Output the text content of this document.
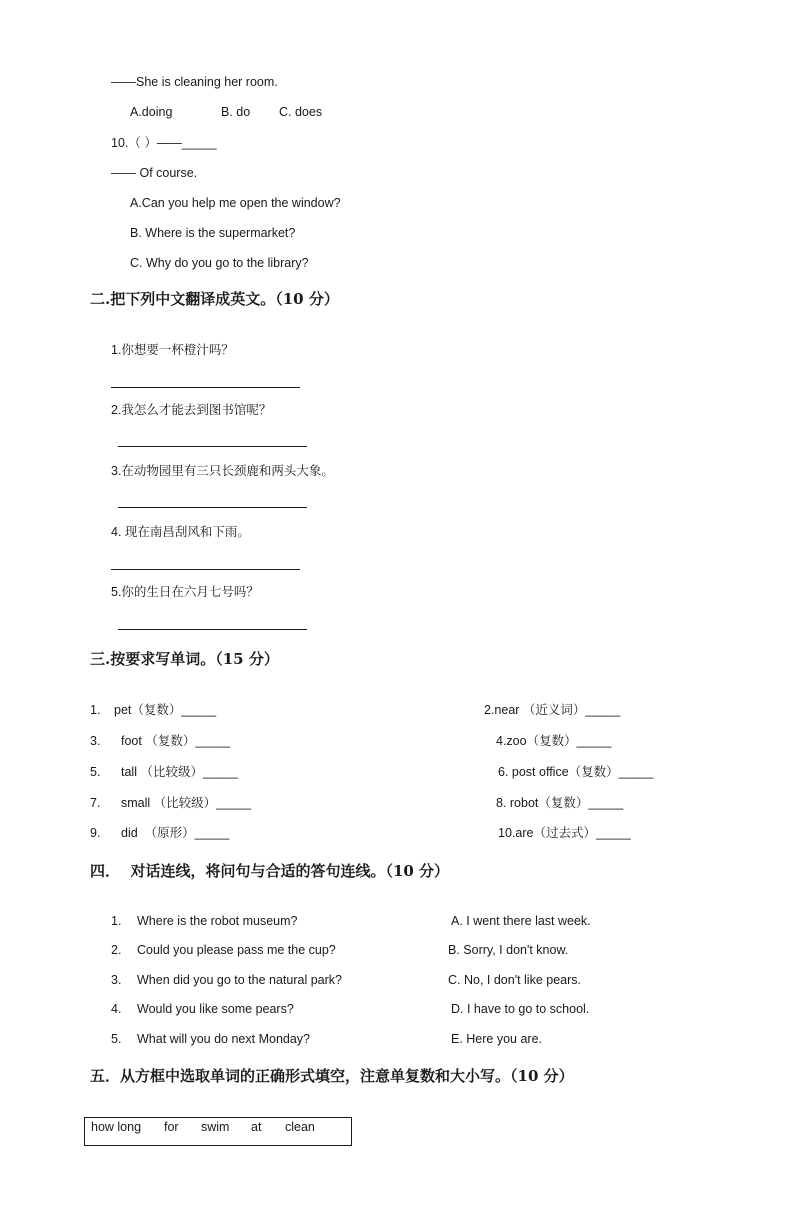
——She is cleaning her room.
A.doing	B. do C. does
10.（ ）——_____
—— Of course.
A.Can you help me open the window?
B. Where is the supermarket?
C. Why do you go to the library?
二.把下列中文翻译成英文。（10 分）
1.你想要一杯橙汁吗？
2.我怎么才能去到图书馆呢？
3.在动物园里有三只长颈鹿和两头大象。
4. 现在南昌刮风和下雨。
5.你的生日在六月七号吗？
三.按要求写单词。（15 分）
1. pet（复数）_____	2.near （近义词）_____
3. foot （复数）_____	4.zoo（复数）_____
5. tall （比较级）_____	6. post office（复数）_____
7. small （比较级）_____	8. robot（复数）_____
9. did  （原形）_____	10.are（过去式）_____
四．  对话连线，将问句与合适的答句连线。（10 分）
1. Where is the robot museum?	A. I went there last week.
2. Could you please pass me the cup?	B. Sorry, I don't know.
3. When did you go to the natural park?	C. No, I don't like pears.
4. Would you like some pears?	D. I have to go to school.
5. What will you do next Monday?	E. Here you are.
五．从方框中选取单词的正确形式填空，注意单复数和大小写。（10 分）
how long for swim at clean
